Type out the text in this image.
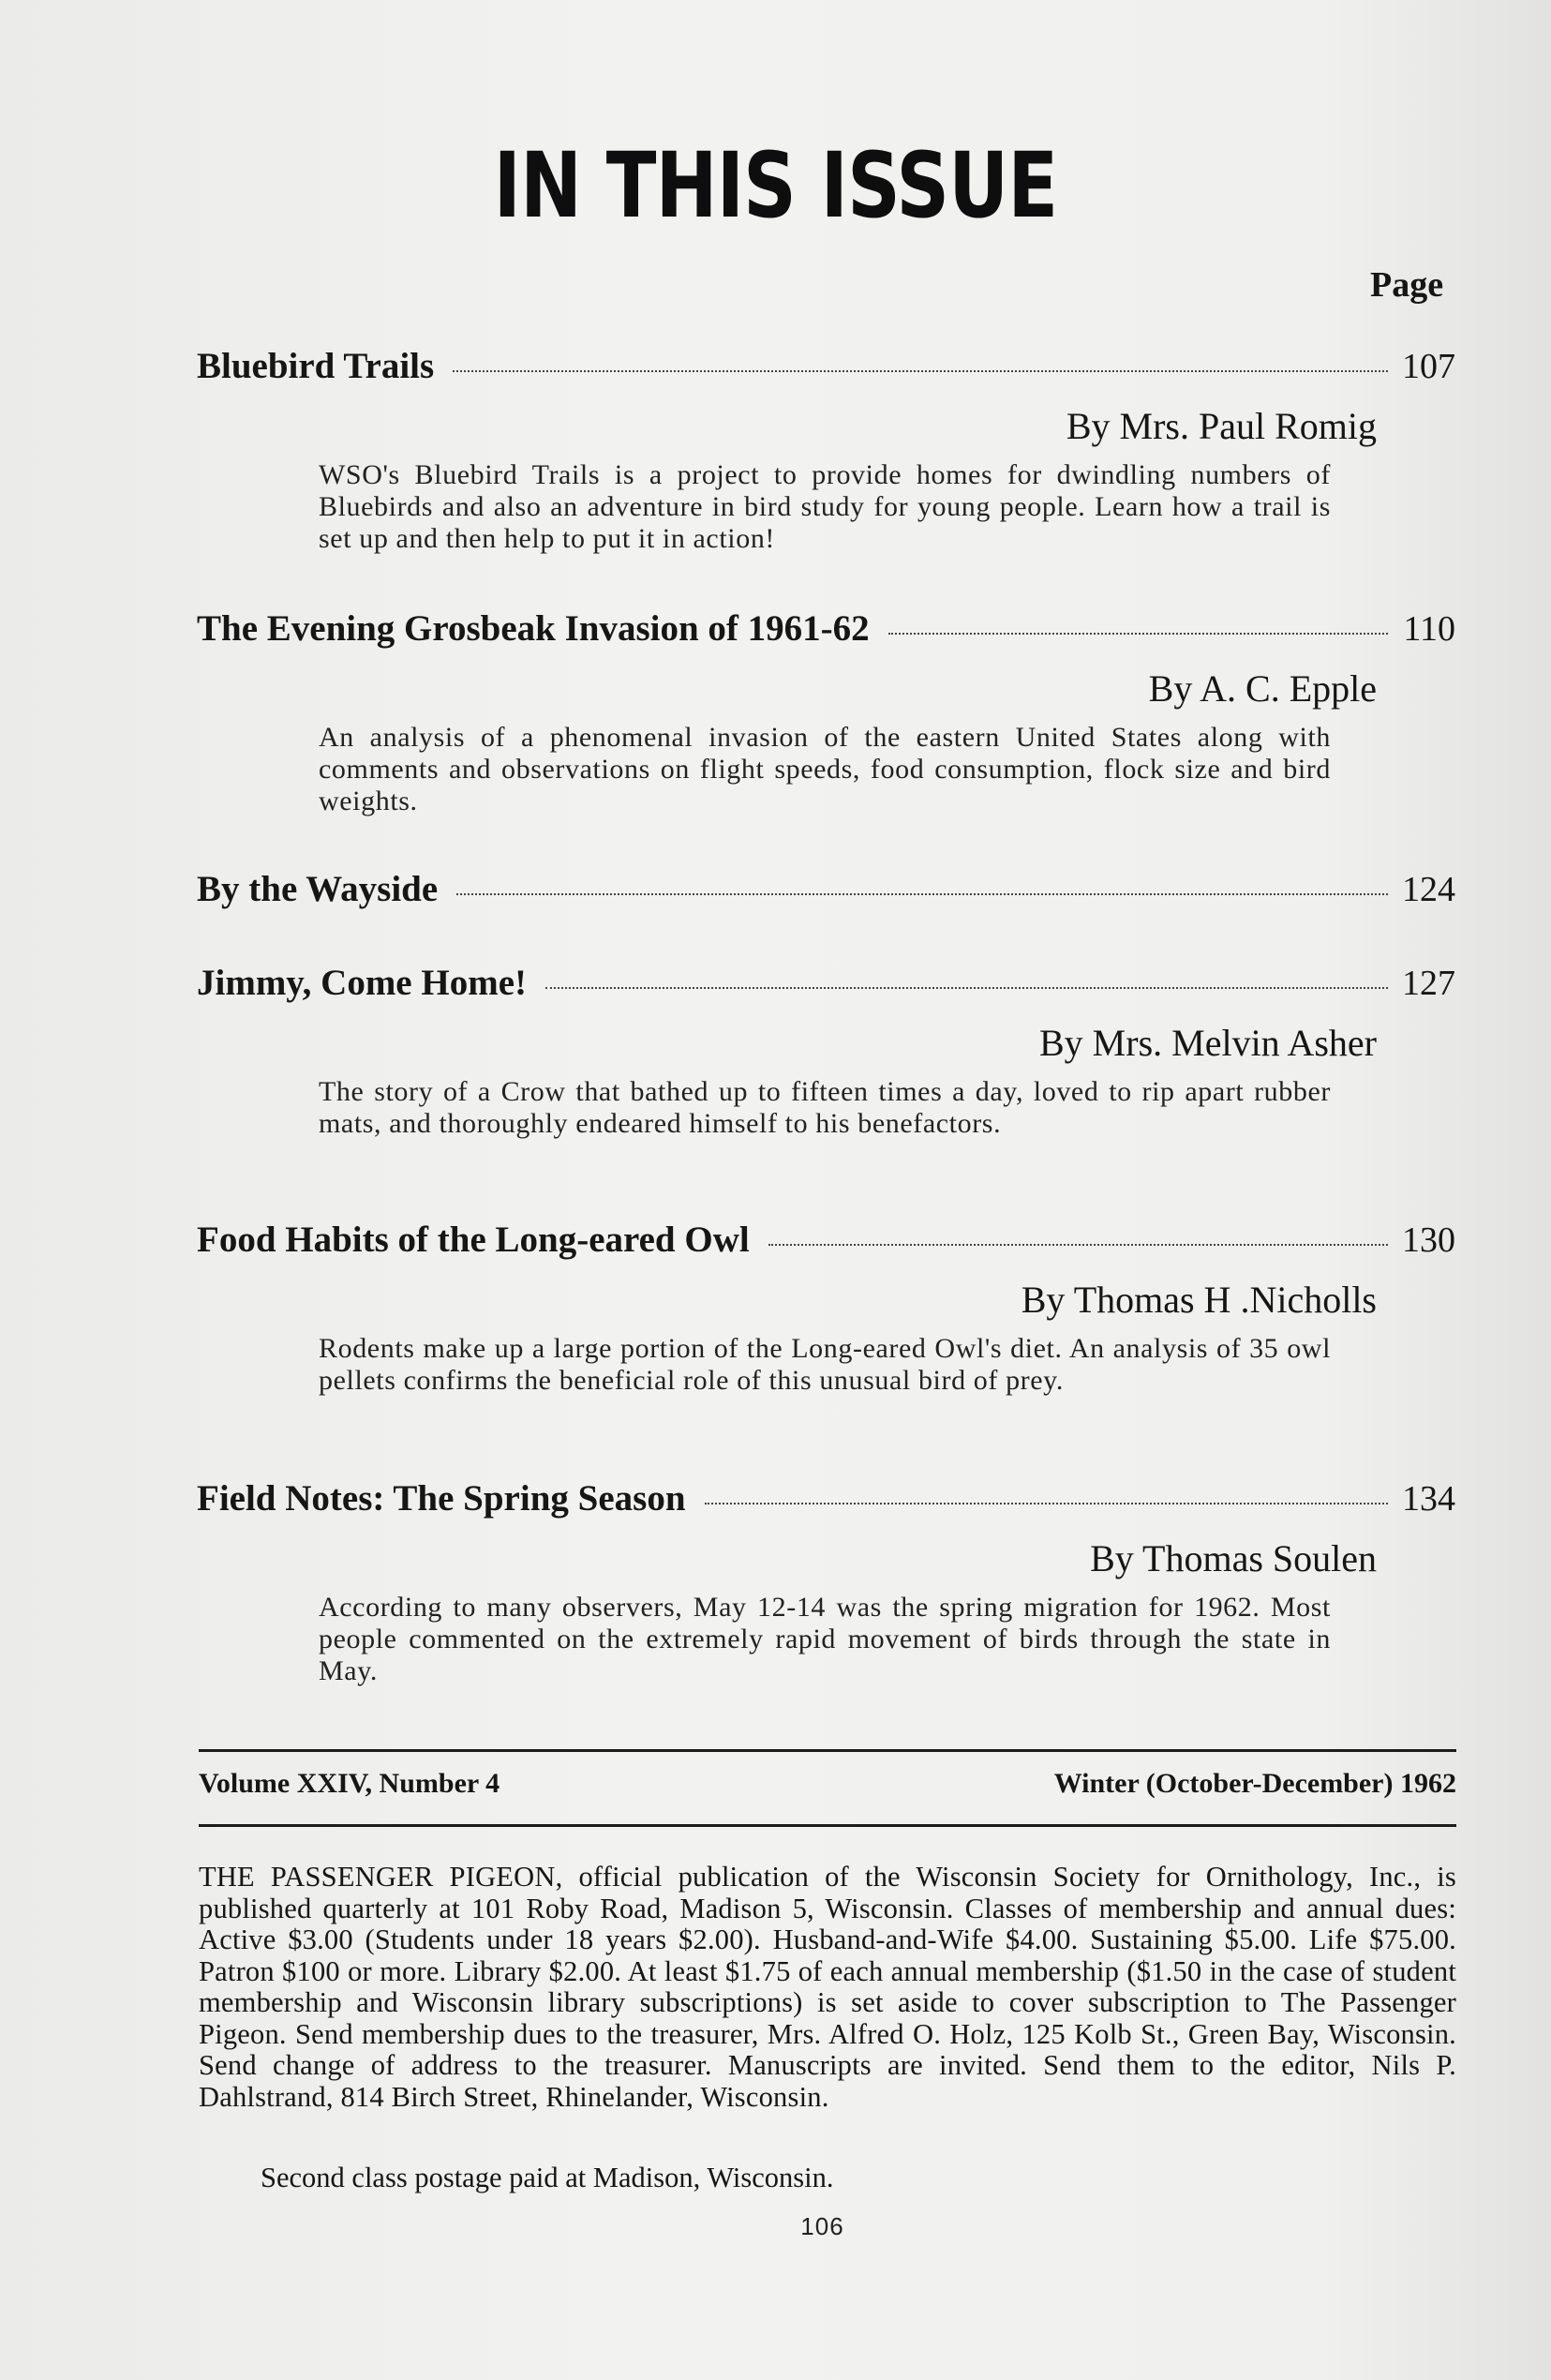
IN THIS ISSUE
Page
Bluebird Trails	107
By Mrs. Paul Romig
WSO's Bluebird Trails is a project to provide homes for dwindling numbers of Bluebirds and also an adventure in bird study for young people. Learn how a trail is set up and then help to put it in action!
The Evening Grosbeak Invasion of 1961-62	110
By A. C. Epple
An analysis of a phenomenal invasion of the eastern United States along with comments and observations on flight speeds, food consumption, flock size and bird weights.
By the Wayside	124
Jimmy, Come Home!	127
By Mrs. Melvin Asher
The story of a Crow that bathed up to fifteen times a day, loved to rip apart rubber mats, and thoroughly endeared himself to his benefactors.
Food Habits of the Long-eared Owl	130
By Thomas H .Nicholls
Rodents make up a large portion of the Long-eared Owl's diet. An analysis of 35 owl pellets confirms the beneficial role of this unusual bird of prey.
Field Notes: The Spring Season	134
By Thomas Soulen
According to many observers, May 12-14 was the spring migration for 1962. Most people commented on the extremely rapid movement of birds through the state in May.
Volume XXIV, Number 4	Winter (October-December) 1962
THE PASSENGER PIGEON, official publication of the Wisconsin Society for Ornithology, Inc., is published quarterly at 101 Roby Road, Madison 5, Wisconsin. Classes of membership and annual dues: Active $3.00 (Students under 18 years $2.00). Husband-and-Wife $4.00. Sustaining $5.00. Life $75.00. Patron $100 or more. Library $2.00. At least $1.75 of each annual membership ($1.50 in the case of student membership and Wisconsin library subscriptions) is set aside to cover subscription to The Passenger Pigeon. Send membership dues to the treasurer, Mrs. Alfred O. Holz, 125 Kolb St., Green Bay, Wisconsin. Send change of address to the treasurer. Manuscripts are invited. Send them to the editor, Nils P. Dahlstrand, 814 Birch Street, Rhinelander, Wisconsin.
Second class postage paid at Madison, Wisconsin.
106
